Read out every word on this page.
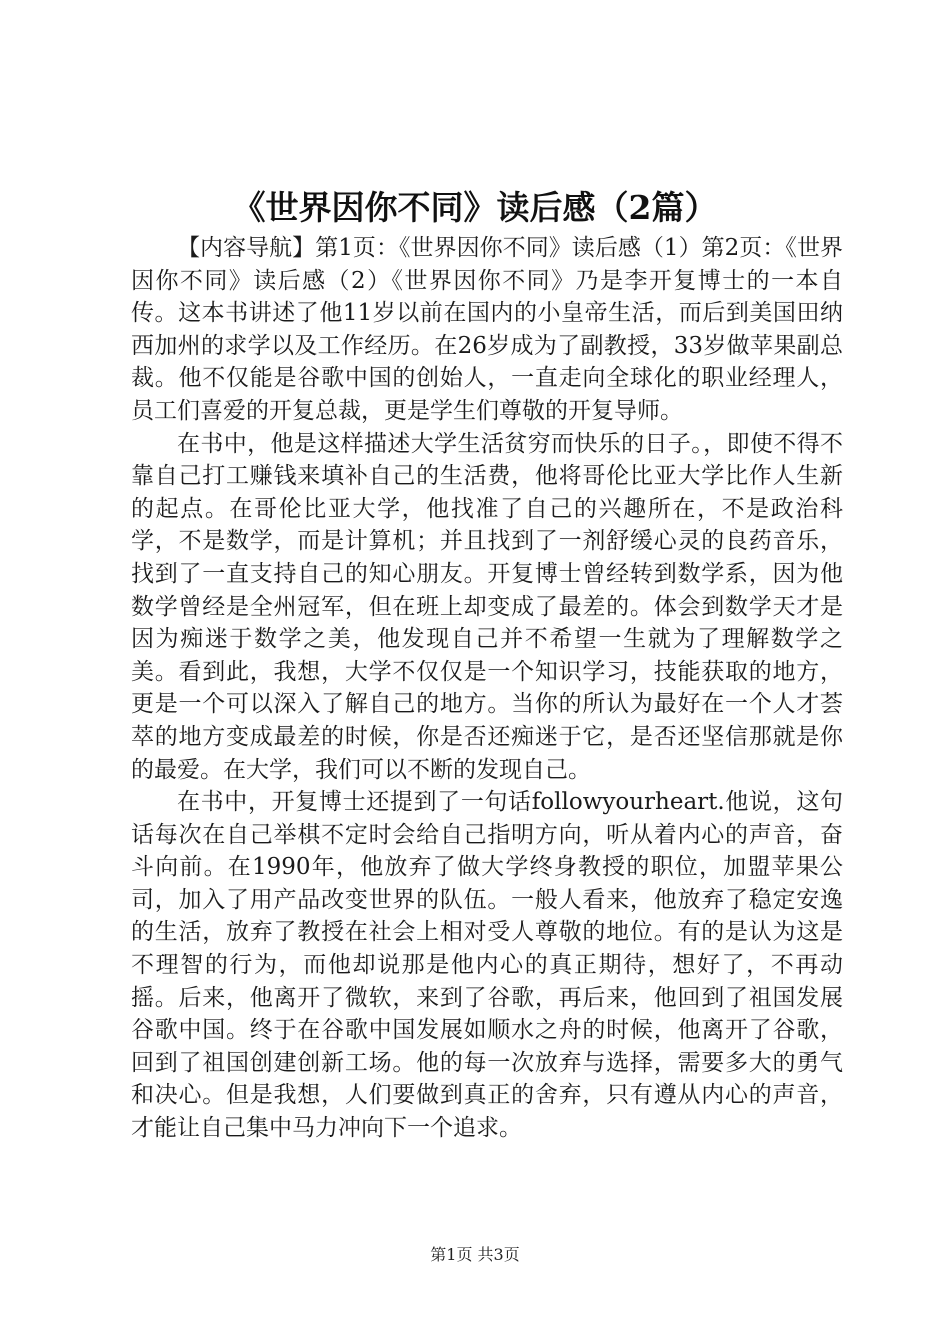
《世界因你不同》读后感（2篇）

【内容导航】第1页：《世界因你不同》读后感（1）第2页：《世界因你不同》读后感（2）《世界因你不同》乃是李开复博士的一本自传。这本书讲述了他11岁以前在国内的小皇帝生活，而后到美国田纳西加州的求学以及工作经历。在26岁成为了副教授，33岁做苹果副总裁。他不仅能是谷歌中国的创始人，一直走向全球化的职业经理人，员工们喜爱的开复总裁，更是学生们尊敬的开复导师。

在书中，他是这样描述大学生活贫穷而快乐的日子。，即使不得不靠自己打工赚钱来填补自己的生活费，他将哥伦比亚大学比作人生新的起点。在哥伦比亚大学，他找准了自己的兴趣所在，不是政治科学，不是数学，而是计算机；并且找到了一剂舒缓心灵的良药音乐，找到了一直支持自己的知心朋友。开复博士曾经转到数学系，因为他数学曾经是全州冠军，但在班上却变成了最差的。体会到数学天才是因为痴迷于数学之美，他发现自己并不希望一生就为了理解数学之美。看到此，我想，大学不仅仅是一个知识学习，技能获取的地方，更是一个可以深入了解自己的地方。当你的所认为最好在一个人才荟萃的地方变成最差的时候，你是否还痴迷于它，是否还坚信那就是你的最爱。在大学，我们可以不断的发现自己。

在书中，开复博士还提到了一句话followyourheart.他说，这句话每次在自己举棋不定时会给自己指明方向，听从着内心的声音，奋斗向前。在1990年，他放弃了做大学终身教授的职位，加盟苹果公司，加入了用产品改变世界的队伍。一般人看来，他放弃了稳定安逸的生活，放弃了教授在社会上相对受人尊敬的地位。有的是认为这是不理智的行为，而他却说那是他内心的真正期待，想好了，不再动摇。后来，他离开了微软，来到了谷歌，再后来，他回到了祖国发展谷歌中国。终于在谷歌中国发展如顺水之舟的时候，他离开了谷歌，回到了祖国创建创新工场。他的每一次放弃与选择，需要多大的勇气和决心。但是我想，人们要做到真正的舍弃，只有遵从内心的声音，才能让自己集中马力冲向下一个追求。

第1页 共3页
